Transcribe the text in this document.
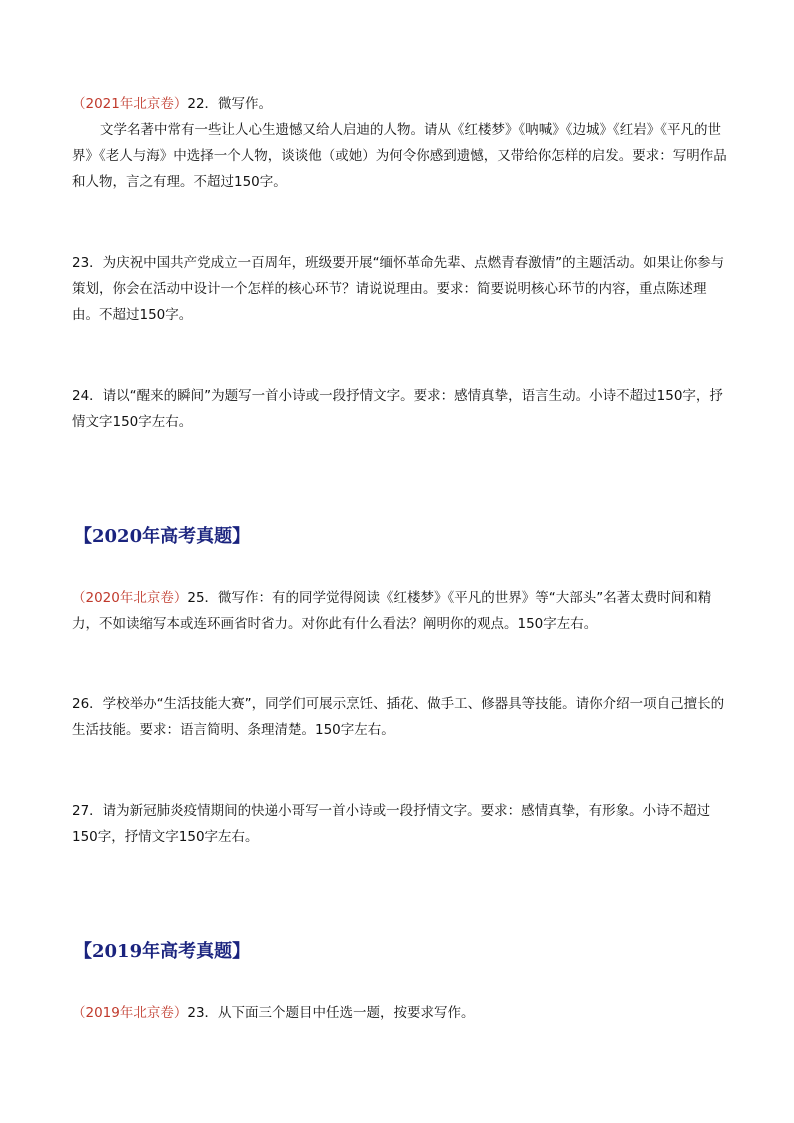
（2021年北京卷）22．微写作。

文学名著中常有一些让人心生遗憾又给人启迪的人物。请从《红楼梦》《呐喊》《边城》《红岩》《平凡的世界》《老人与海》中选择一个人物，谈谈他（或她）为何令你感到遗憾，又带给你怎样的启发。要求：写明作品和人物，言之有理。不超过150字。

23．为庆祝中国共产党成立一百周年，班级要开展“缅怀革命先辈、点燃青春激情”的主题活动。如果让你参与策划，你会在活动中设计一个怎样的核心环节？请说说理由。要求：简要说明核心环节的内容，重点陈述理由。不超过150字。

24．请以“醒来的瞬间”为题写一首小诗或一段抒情文字。要求：感情真挚，语言生动。小诗不超过150字，抒情文字150字左右。

【2020年高考真题】

（2020年北京卷）25．微写作：有的同学觉得阅读《红楼梦》《平凡的世界》等“大部头”名著太费时间和精力，不如读缩写本或连环画省时省力。对你此有什么看法？阐明你的观点。150字左右。

26．学校举办“生活技能大赛”，同学们可展示烹饪、插花、做手工、修器具等技能。请你介绍一项自己擅长的生活技能。要求：语言简明、条理清楚。150字左右。

27．请为新冠肺炎疫情期间的快递小哥写一首小诗或一段抒情文字。要求：感情真挚，有形象。小诗不超过150字，抒情文字150字左右。

【2019年高考真题】

（2019年北京卷）23．从下面三个题目中任选一题，按要求写作。
